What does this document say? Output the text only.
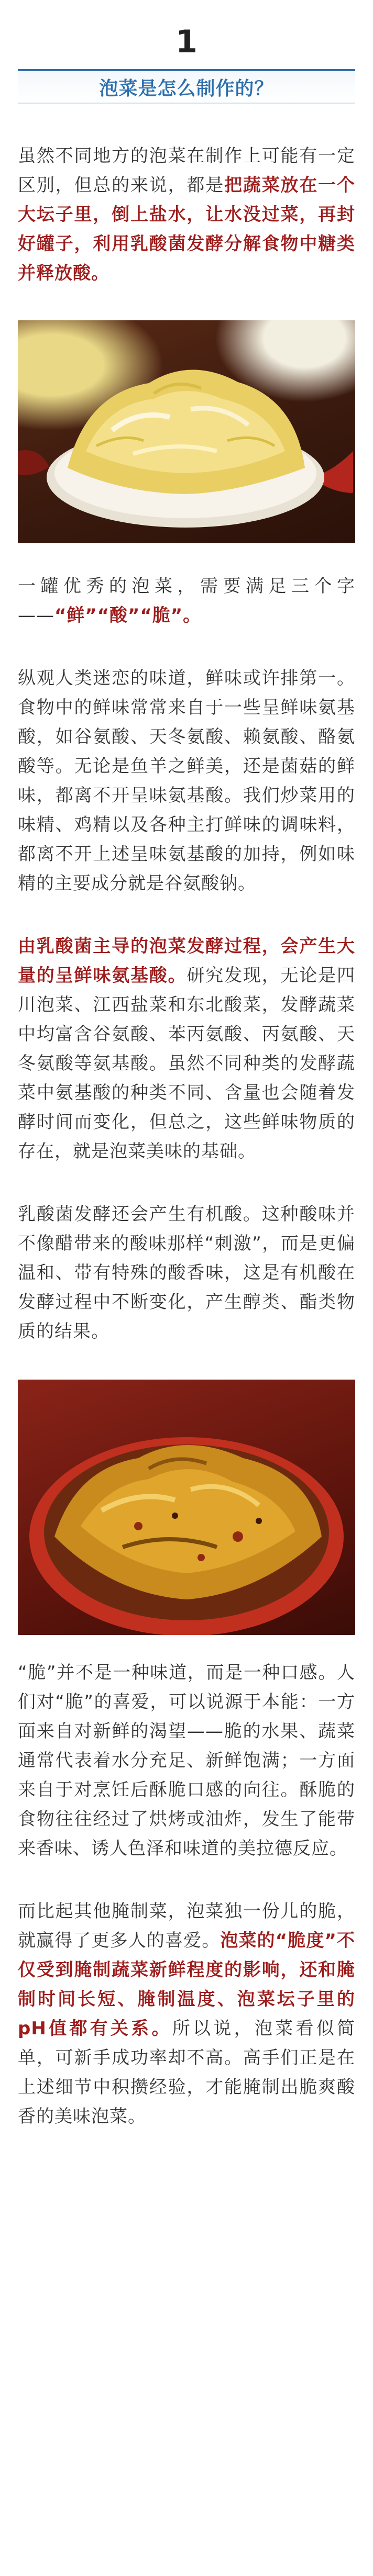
1
泡菜是怎么制作的？

虽然不同地方的泡菜在制作上可能有一定区别，但总的来说，都是把蔬菜放在一个大坛子里，倒上盐水，让水没过菜，再封好罐子，利用乳酸菌发酵分解食物中糖类并释放酸。

一罐优秀的泡菜，需要满足三个字——“鲜”“酸”“脆”。

纵观人类迷恋的味道，鲜味或许排第一。食物中的鲜味常常来自于一些呈鲜味氨基酸，如谷氨酸、天冬氨酸、赖氨酸、酪氨酸等。无论是鱼羊之鲜美，还是菌菇的鲜味，都离不开呈味氨基酸。我们炒菜用的味精、鸡精以及各种主打鲜味的调味料，都离不开上述呈味氨基酸的加持，例如味精的主要成分就是谷氨酸钠。

由乳酸菌主导的泡菜发酵过程，会产生大量的呈鲜味氨基酸。研究发现，无论是四川泡菜、江西盐菜和东北酸菜，发酵蔬菜中均富含谷氨酸、苯丙氨酸、丙氨酸、天冬氨酸等氨基酸。虽然不同种类的发酵蔬菜中氨基酸的种类不同、含量也会随着发酵时间而变化，但总之，这些鲜味物质的存在，就是泡菜美味的基础。

乳酸菌发酵还会产生有机酸。这种酸味并不像醋带来的酸味那样“刺激”，而是更偏温和、带有特殊的酸香味，这是有机酸在发酵过程中不断变化，产生醇类、酯类物质的结果。

“脆”并不是一种味道，而是一种口感。人们对“脆”的喜爱，可以说源于本能：一方面来自对新鲜的渴望——脆的水果、蔬菜通常代表着水分充足、新鲜饱满；一方面来自于对烹饪后酥脆口感的向往。酥脆的食物往往经过了烘烤或油炸，发生了能带来香味、诱人色泽和味道的美拉德反应。

而比起其他腌制菜，泡菜独一份儿的脆，就赢得了更多人的喜爱。泡菜的“脆度”不仅受到腌制蔬菜新鲜程度的影响，还和腌制时间长短、腌制温度、泡菜坛子里的pH值都有关系。所以说，泡菜看似简单，可新手成功率却不高。高手们正是在上述细节中积攒经验，才能腌制出脆爽酸香的美味泡菜。
